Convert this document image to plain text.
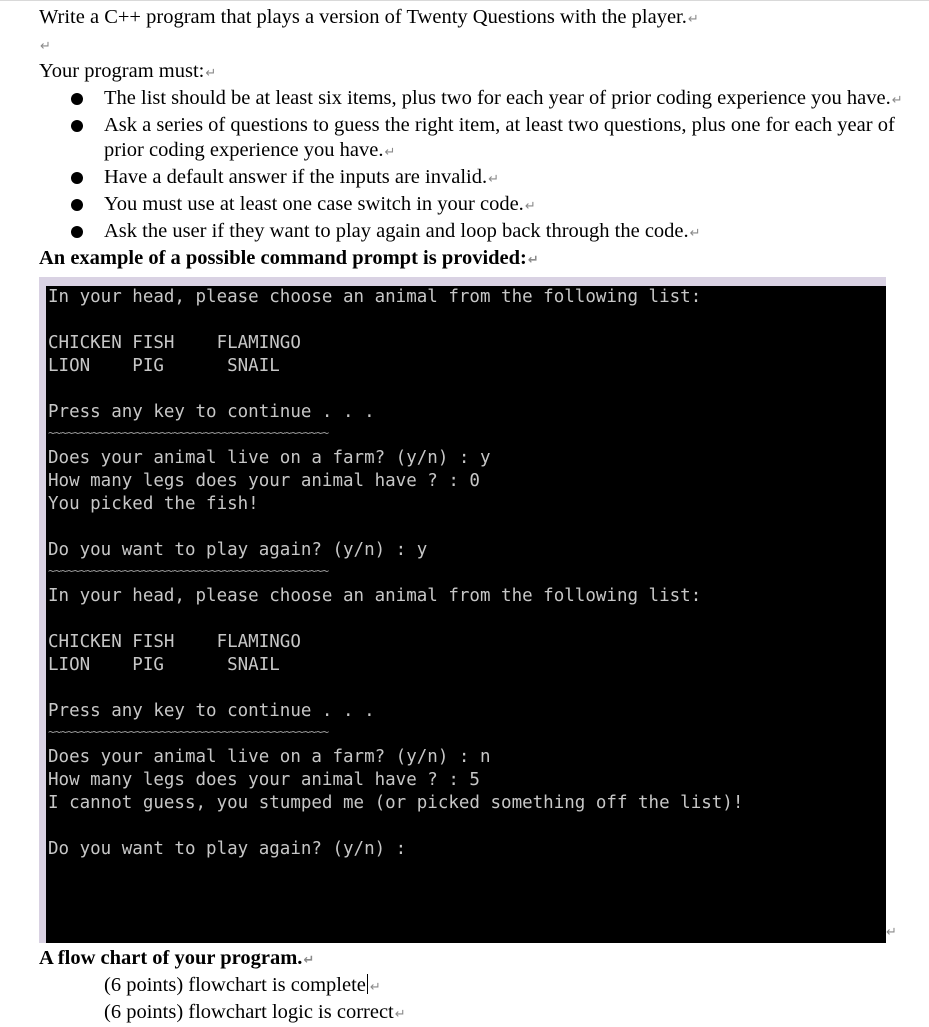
Write a C++ program that plays a version of Twenty Questions with the player.↵

↵

Your program must:↵

The list should be at least six items, plus two for each year of prior coding experience you have.↵
Ask a series of questions to guess the right item, at least two questions, plus one for each year of prior coding experience you have.↵
Have a default answer if the inputs are invalid.↵
You must use at least one case switch in your code.↵
Ask the user if they want to play again and loop back through the code.↵

An example of a possible command prompt is provided:↵

In your head, please choose an animal from the following list:
CHICKEN FISH    FLAMINGO
LION    PIG      SNAIL
Press any key to continue . . .
~~~~~~~~~~~~~~~~~~~~~~~~~~~~~~~~~~~~~~~~~~~~~
Does your animal live on a farm? (y/n) : y
How many legs does your animal have ? : 0
You picked the fish!
Do you want to play again? (y/n) : y
~~~~~~~~~~~~~~~~~~~~~~~~~~~~~~~~~~~~~~~~~~~~~
In your head, please choose an animal from the following list:
CHICKEN FISH    FLAMINGO
LION    PIG      SNAIL
Press any key to continue . . .
~~~~~~~~~~~~~~~~~~~~~~~~~~~~~~~~~~~~~~~~~~~~~
Does your animal live on a farm? (y/n) : n
How many legs does your animal have ? : 5
I cannot guess, you stumped me (or picked something off the list)!
Do you want to play again? (y/n) :
↵
A flow chart of your program.↵
(6 points) flowchart is complete ↵
(6 points) flowchart logic is correct↵
